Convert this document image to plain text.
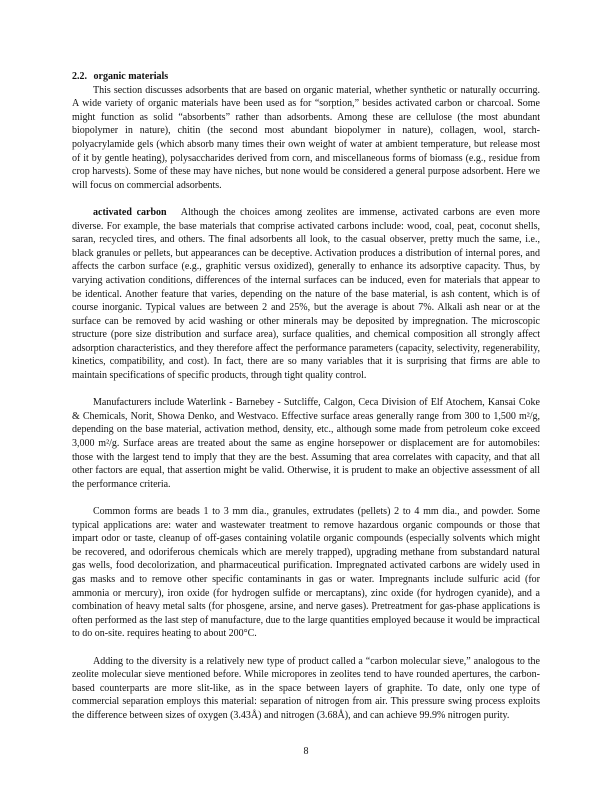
2.2. organic materials

This section discusses adsorbents that are based on organic material, whether synthetic or naturally occurring. A wide variety of organic materials have been used as for “sorption,” besides activated carbon or charcoal. Some might function as solid “absorbents” rather than adsorbents. Among these are cellulose (the most abundant biopolymer in nature), chitin (the second most abundant biopolymer in nature), collagen, wool, starch-polyacrylamide gels (which absorb many times their own weight of water at ambient temperature, but release most of it by gentle heating), polysaccharides derived from corn, and miscellaneous forms of biomass (e.g., residue from crop harvests). Some of these may have niches, but none would be considered a general purpose adsorbent. Here we will focus on commercial adsorbents.

activated carbon Although the choices among zeolites are immense, activated carbons are even more diverse. For example, the base materials that comprise activated carbons include: wood, coal, peat, coconut shells, saran, recycled tires, and others. The final adsorbents all look, to the casual observer, pretty much the same, i.e., black granules or pellets, but appearances can be deceptive. Activation produces a distribution of internal pores, and affects the carbon surface (e.g., graphitic versus oxidized), generally to enhance its adsorptive capacity. Thus, by varying activation conditions, differences of the internal surfaces can be induced, even for materials that appear to be identical. Another feature that varies, depending on the nature of the base material, is ash content, which is of course inorganic. Typical values are between 2 and 25%, but the average is about 7%. Alkali ash near or at the surface can be removed by acid washing or other minerals may be deposited by impregnation. The microscopic structure (pore size distribution and surface area), surface qualities, and chemical composition all strongly affect adsorption characteristics, and they therefore affect the performance parameters (capacity, selectivity, regenerability, kinetics, compatibility, and cost). In fact, there are so many variables that it is surprising that firms are able to maintain specifications of specific products, through tight quality control.

Manufacturers include Waterlink - Barnebey - Sutcliffe, Calgon, Ceca Division of Elf Atochem, Kansai Coke & Chemicals, Norit, Showa Denko, and Westvaco. Effective surface areas generally range from 300 to 1,500 m²/g, depending on the base material, activation method, density, etc., although some made from petroleum coke exceed 3,000 m²/g. Surface areas are treated about the same as engine horsepower or displacement are for automobiles: those with the largest tend to imply that they are the best. Assuming that area correlates with capacity, and that all other factors are equal, that assertion might be valid. Otherwise, it is prudent to make an objective assessment of all the performance criteria.

Common forms are beads 1 to 3 mm dia., granules, extrudates (pellets) 2 to 4 mm dia., and powder. Some typical applications are: water and wastewater treatment to remove hazardous organic compounds or those that impart odor or taste, cleanup of off-gases containing volatile organic compounds (especially solvents which might be recovered, and odoriferous chemicals which are merely trapped), upgrading methane from substandard natural gas wells, food decolorization, and pharmaceutical purification. Impregnated activated carbons are widely used in gas masks and to remove other specific contaminants in gas or water. Impregnants include sulfuric acid (for ammonia or mercury), iron oxide (for hydrogen sulfide or mercaptans), zinc oxide (for hydrogen cyanide), and a combination of heavy metal salts (for phosgene, arsine, and nerve gases). Pretreatment for gas-phase applications is often performed as the last step of manufacture, due to the large quantities employed because it would be impractical to do on-site. requires heating to about 200°C.

Adding to the diversity is a relatively new type of product called a “carbon molecular sieve,” analogous to the zeolite molecular sieve mentioned before. While micropores in zeolites tend to have rounded apertures, the carbon-based counterparts are more slit-like, as in the space between layers of graphite. To date, only one type of commercial separation employs this material: separation of nitrogen from air. This pressure swing process exploits the difference between sizes of oxygen (3.43Å) and nitrogen (3.68Å), and can achieve 99.9% nitrogen purity.

8
